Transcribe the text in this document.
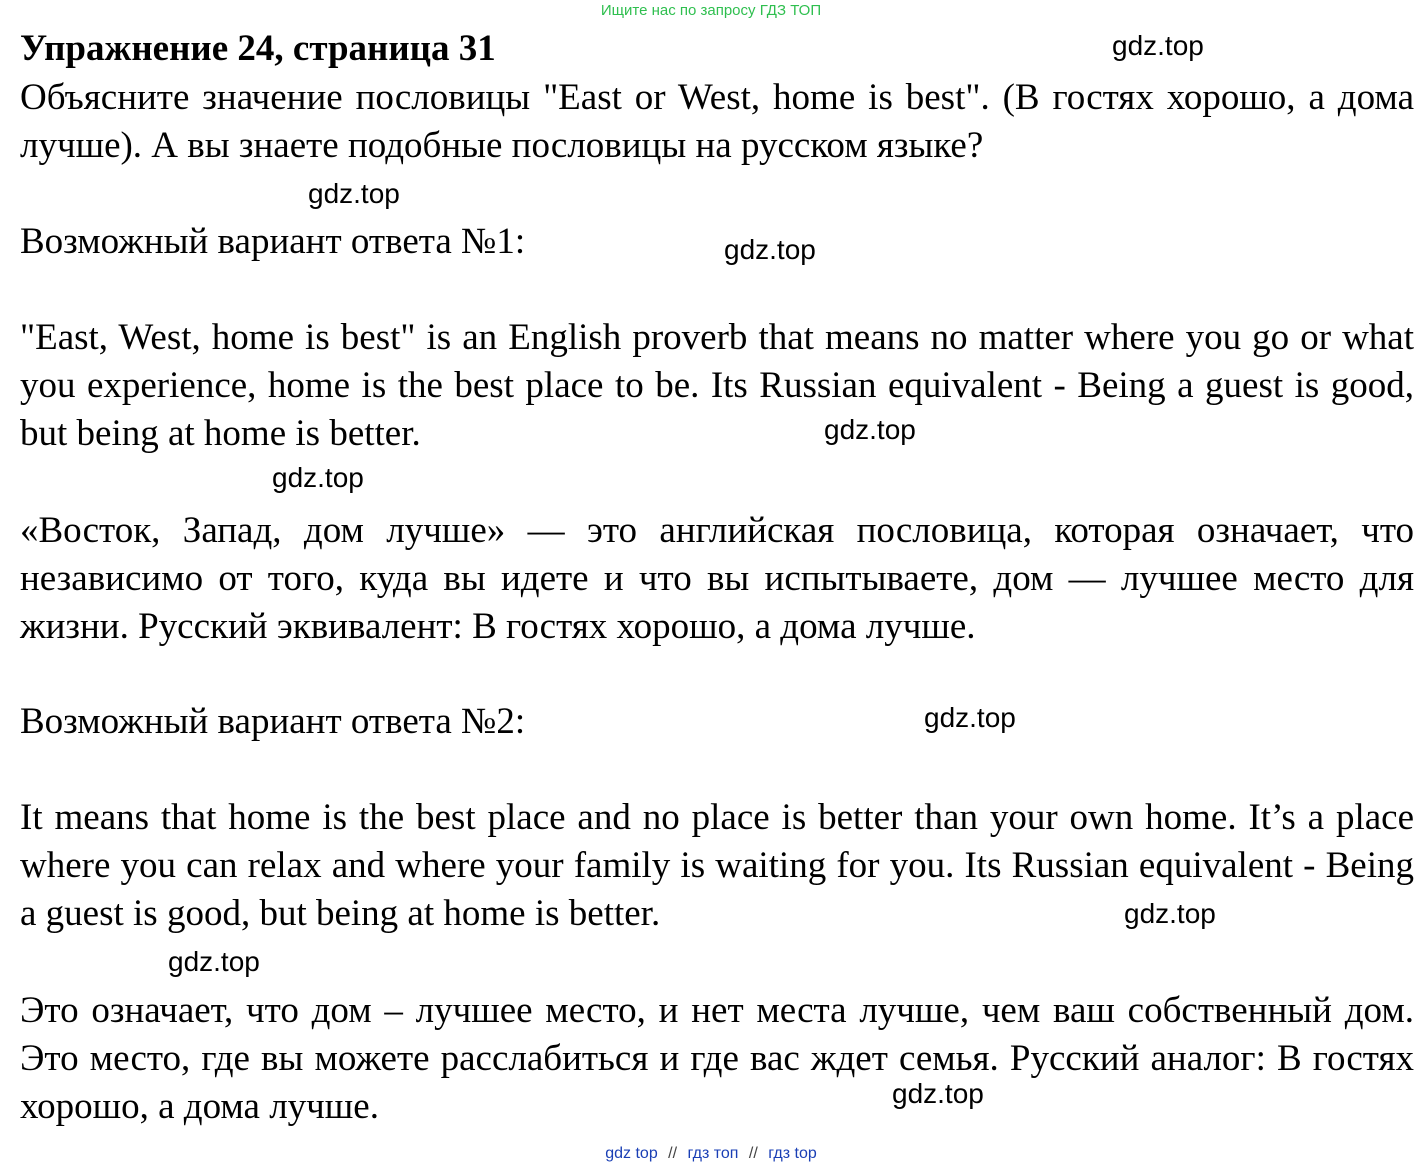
Ищите нас по запросу ГДЗ ТОП
Упражнение 24, страница 31

Объясните значение пословицы "East or West, home is best". (В гостях хорошо, а дома лучше). А вы знаете подобные пословицы на русском языке?

Возможный вариант ответа №1:

"East, West, home is best" is an English proverb that means no matter where you go or what you experience, home is the best place to be. Its Russian equivalent - Being a guest is good, but being at home is better.

«Восток, Запад, дом лучше» — это английская пословица, которая означает, что независимо от того, куда вы идете и что вы испытываете, дом — лучшее место для жизни. Русский эквивалент: В гостях хорошо, а дома лучше.

Возможный вариант ответа №2:

It means that home is the best place and no place is better than your own home. It’s a place where you can relax and where your family is waiting for you. Its Russian equivalent - Being a guest is good, but being at home is better.

Это означает, что дом – лучшее место, и нет места лучше, чем ваш собственный дом. Это место, где вы можете расслабиться и где вас ждет семья. Русский аналог: В гостях хорошо, а дома лучше.

gdz.top
gdz.top
gdz.top
gdz.top
gdz.top
gdz.top
gdz.top
gdz.top
gdz.top
gdz top // гдз топ // гдз top
